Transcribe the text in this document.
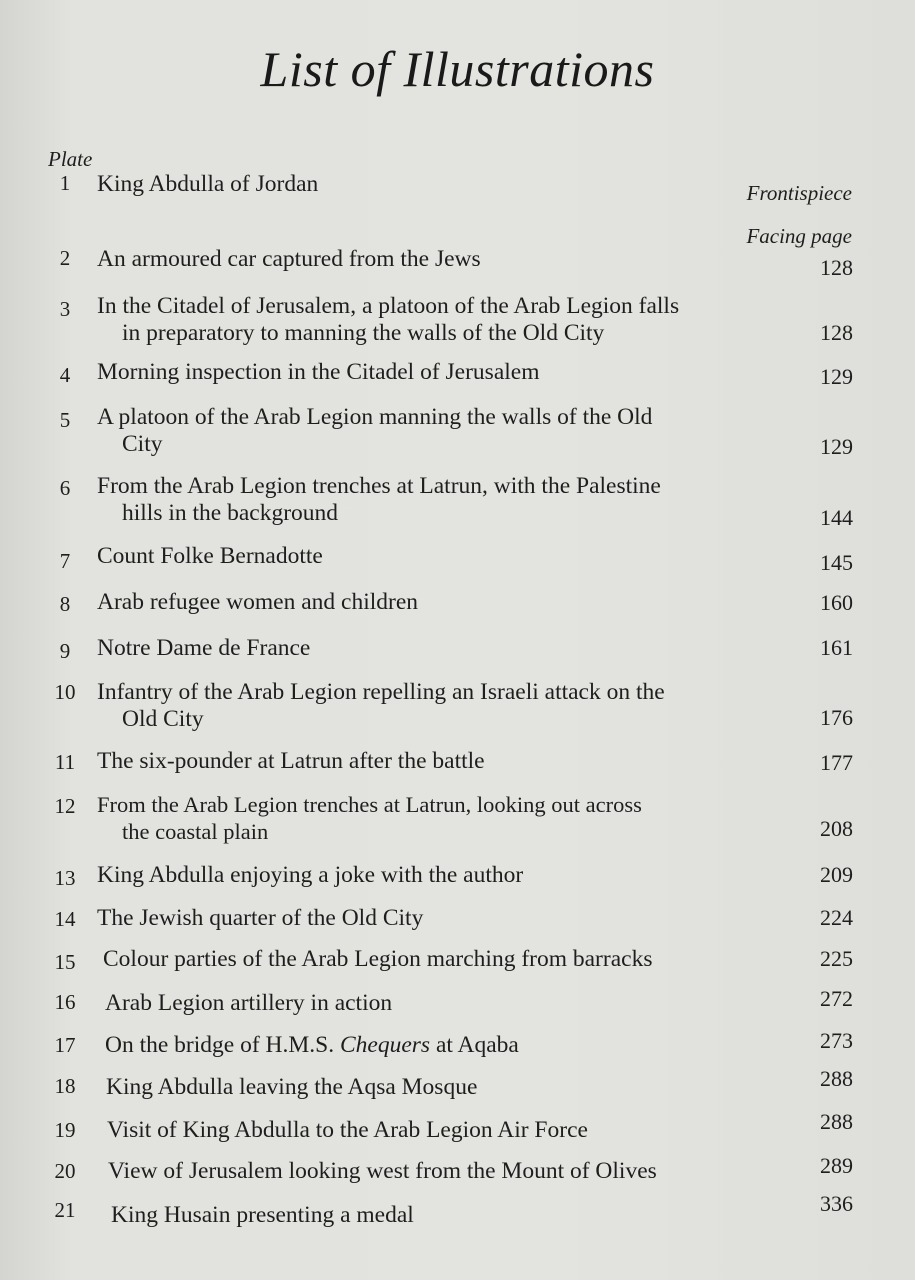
List of Illustrations
Plate
Frontispiece
Facing page
1	King Abdulla of Jordan
2	An armoured car captured from the Jews	128
3	In the Citadel of Jerusalem, a platoon of the Arab Legion falls
in preparatory to manning the walls of the Old City	128
4	Morning inspection in the Citadel of Jerusalem	129
5	A platoon of the Arab Legion manning the walls of the Old
City	129
6	From the Arab Legion trenches at Latrun, with the Palestine
hills in the background	144
7	Count Folke Bernadotte	145
8	Arab refugee women and children	160
9	Notre Dame de France	161
10 Infantry of the Arab Legion repelling an Israeli attack on the
Old City	176
11 The six-pounder at Latrun after the battle	177
12 From the Arab Legion trenches at Latrun, looking out across
the coastal plain	208
13 King Abdulla enjoying a joke with the author	209
14 The Jewish quarter of the Old City	224
15	Colour parties of the Arab Legion marching from barracks	225
16	Arab Legion artillery in action	272
17	On the bridge of H.M.S. Chequers at Aqaba	273
18	King Abdulla leaving the Aqsa Mosque	288
19	Visit of King Abdulla to the Arab Legion Air Force	288
20	View of Jerusalem looking west from the Mount of Olives	289
21	King Husain presenting a medal	336
